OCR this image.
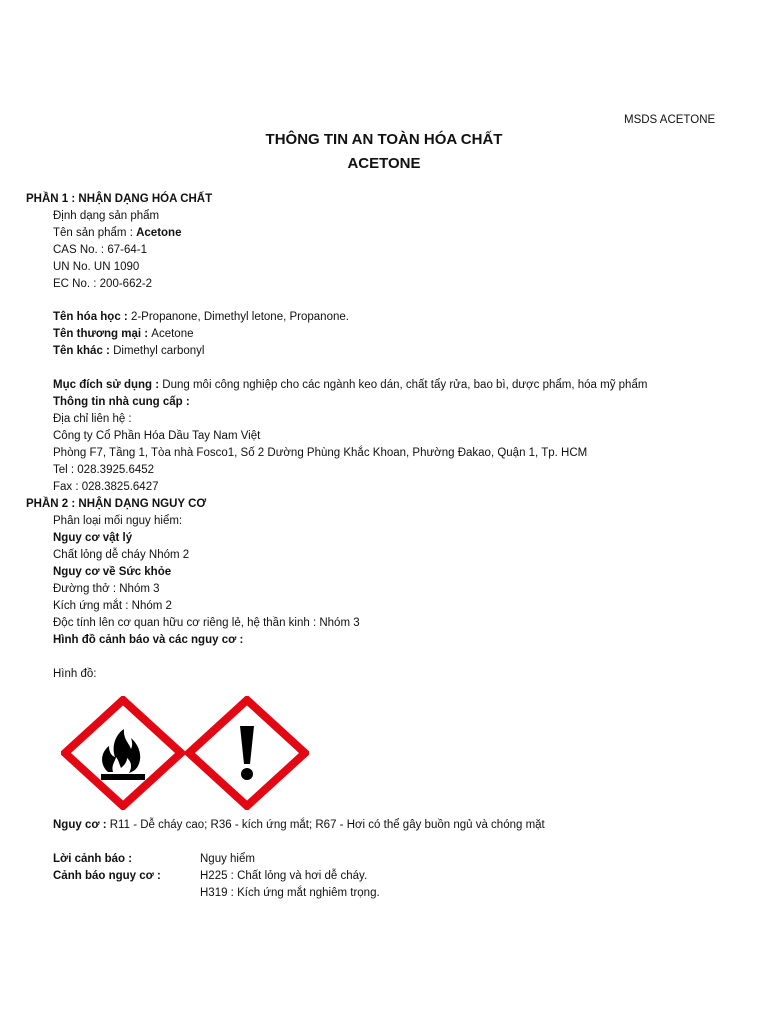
MSDS ACETONE
THÔNG TIN AN TOÀN HÓA CHẤT
ACETONE
PHẦN 1 : NHẬN DẠNG HÓA CHẤT
Định dạng sản phẩm
Tên sản phẩm : Acetone
CAS No. : 67-64-1
UN No. UN 1090
EC No. : 200-662-2
Tên hóa học : 2-Propanone, Dimethyl letone, Propanone.
Tên thương mại : Acetone
Tên khác : Dimethyl carbonyl
Mục đích sử dụng : Dung môi công nghiệp cho các ngành keo dán, chất tẩy rửa, bao bì, dược phẩm, hóa mỹ phẩm
Thông tin nhà cung cấp :
Địa chỉ liên hệ :
Công ty Cổ Phần Hóa Dầu Tay Nam Việt
Phòng F7, Tầng 1, Tòa nhà Fosco1, Số 2 Dường Phùng Khắc Khoan, Phường Đakao, Quận 1, Tp. HCM
Tel : 028.3925.6452
Fax : 028.3825.6427
PHẦN 2 : NHẬN DẠNG NGUY CƠ
Phân loại mối nguy hiểm:
Nguy cơ vật lý
Chất lỏng dễ cháy Nhóm 2
Nguy cơ về Sức khỏe
Đường thở : Nhóm 3
Kích ứng mắt : Nhóm 2
Độc tính lên cơ quan hữu cơ riêng lẻ, hệ thần kinh : Nhóm 3
Hình đồ cảnh báo và các nguy cơ :
Hình đồ:
Nguy cơ : R11 - Dễ cháy cao; R36 - kích ứng mắt; R67 - Hơi có thể gây buồn ngủ và chóng mặt
Lời cảnh báo :	Nguy hiểm
Cảnh báo nguy cơ :	H225 : Chất lỏng và hơi dễ cháy.
H319 : Kích ứng mắt nghiêm trọng.
